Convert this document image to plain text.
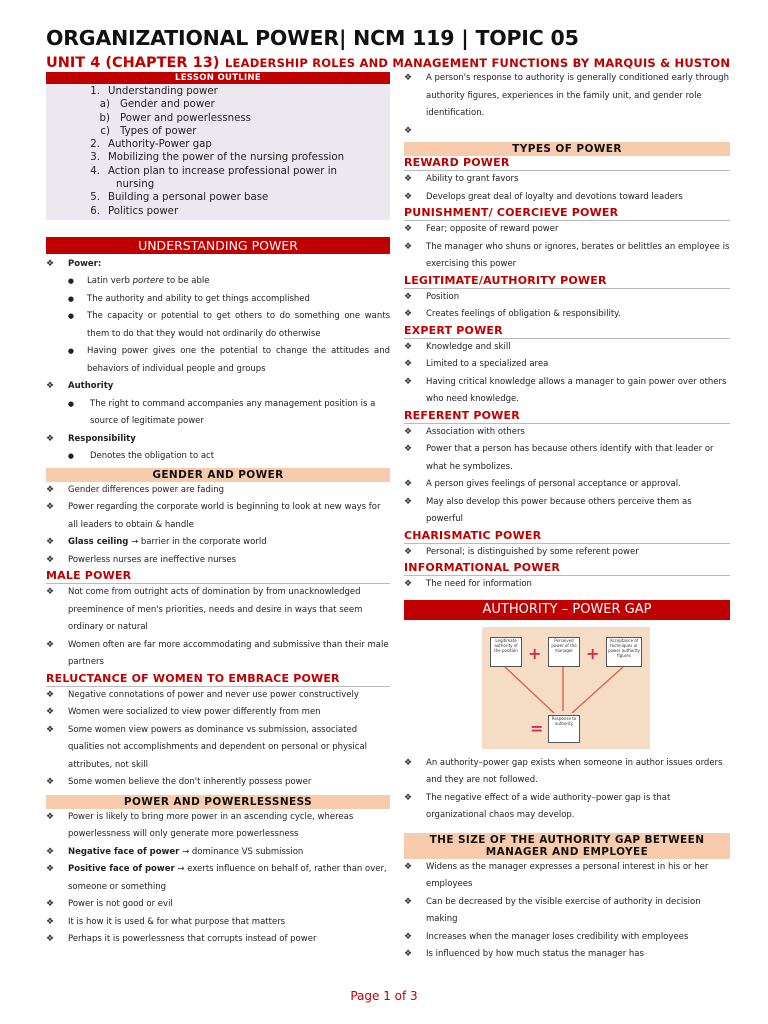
ORGANIZATIONAL POWER| NCM 119 | TOPIC 05
UNIT 4 (CHAPTER 13) LEADERSHIP ROLES AND MANAGEMENT FUNCTIONS BY MARQUIS & HUSTON
LESSON OUTLINE
1. Understanding power
a) Gender and power
b) Power and powerlessness
c) Types of power
2. Authority-Power gap
3. Mobilizing the power of the nursing profession
4. Action plan to increase professional power in
nursing
5. Building a personal power base
6. Politics power
UNDERSTANDING POWER
❖	Power:
●	Latin verb portere to be able
●	The authority and ability to get things accomplished
●	The capacity or potential to get others to do something one wants them to do that they would not ordinarily do otherwise
●	Having power gives one the potential to change the attitudes and behaviors of individual people and groups
❖	Authority
●	The right to command accompanies any management position is a source of legitimate power
❖	Responsibility
●	Denotes the obligation to act
GENDER AND POWER
❖	Gender differences power are fading
❖	Power regarding the corporate world is beginning to look at new ways for all leaders to obtain & handle
❖	Glass ceiling → barrier in the corporate world
❖	Powerless nurses are ineffective nurses
MALE POWER
❖	Not come from outright acts of domination by from unacknowledged preeminence of men's priorities, needs and desire in ways that seem ordinary or natural
❖	Women often are far more accommodating and submissive than their male partners
RELUCTANCE OF WOMEN TO EMBRACE POWER
❖	Negative connotations of power and never use power constructively
❖	Women were socialized to view power differently from men
❖	Some women view powers as dominance vs submission, associated qualities not accomplishments and dependent on personal or physical attributes, not skill
❖	Some women believe the don't inherently possess power
POWER AND POWERLESSNESS
❖	Power is likely to bring more power in an ascending cycle, whereas powerlessness will only generate more powerlessness
❖	Negative face of power → dominance VS submission
❖	Positive face of power → exerts influence on behalf of, rather than over, someone or something
❖	Power is not good or evil
❖	It is how it is used & for what purpose that matters
❖	Perhaps it is powerlessness that corrupts instead of power
❖	A person's response to authority is generally conditioned early through authority figures, experiences in the family unit, and gender role identification.
❖
TYPES OF POWER
REWARD POWER
❖	Ability to grant favors
❖	Develops great deal of loyalty and devotions toward leaders
PUNISHMENT/ COERCIEVE POWER
❖	Fear; opposite of reward power
❖	The manager who shuns or ignores, berates or belittles an employee is exercising this power
LEGITIMATE/AUTHORITY POWER
❖	Position
❖	Creates feelings of obligation & responsibility.
EXPERT POWER
❖	Knowledge and skill
❖	Limited to a specialized area
❖	Having critical knowledge allows a manager to gain power over others who need knowledge.
REFERENT POWER
❖	Association with others
❖	Power that a person has because others identify with that leader or what he symbolizes.
❖	A person gives feelings of personal acceptance or approval.
❖	May also develop this power because others perceive them as powerful
CHARISMATIC POWER
❖	Personal; is distinguished by some referent power
INFORMATIONAL POWER
❖	The need for information
AUTHORITY – POWER GAP
Legitimate authority of the position +
Perceived power of the manager +
Acceptance of techniques or power authority figures
=
Response to authority
❖	An authority–power gap exists when someone in author issues orders and they are not followed.
❖	The negative effect of a wide authority–power gap is that organizational chaos may develop.
THE SIZE OF THE AUTHORITY GAP BETWEEN MANAGER AND EMPLOYEE
❖	Widens as the manager expresses a personal interest in his or her employees
❖	Can be decreased by the visible exercise of authority in decision making
❖	Increases when the manager loses credibility with employees
❖	Is influenced by how much status the manager has
Page 1 of 3
